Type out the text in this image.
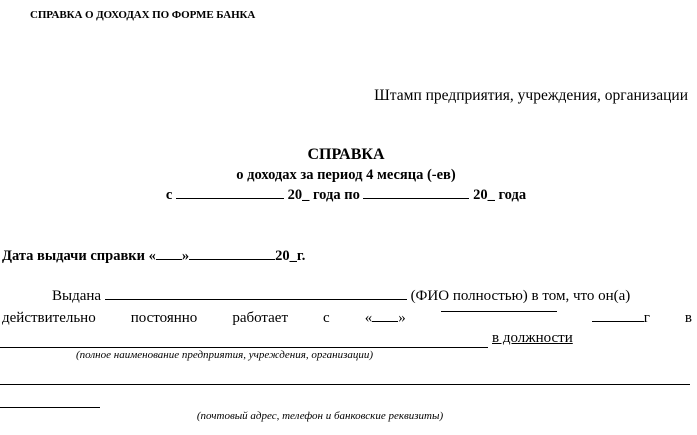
СПРАВКА О ДОХОДАХ ПО ФОРМЕ БАНКА
Штамп предприятия, учреждения, организации
СПРАВКА
о доходах за период 4 месяца (-ев)
с	20_ года по	20_ года
Дата выдачи справки « »	20_г.
Выдана	(ФИО полностью) в том, что он(а)
действительно постоянно работает с « »	г в
в должности
(полное наименование предприятия, учреждения, организации)
(почтовый адрес, телефон и банковские реквизиты)
